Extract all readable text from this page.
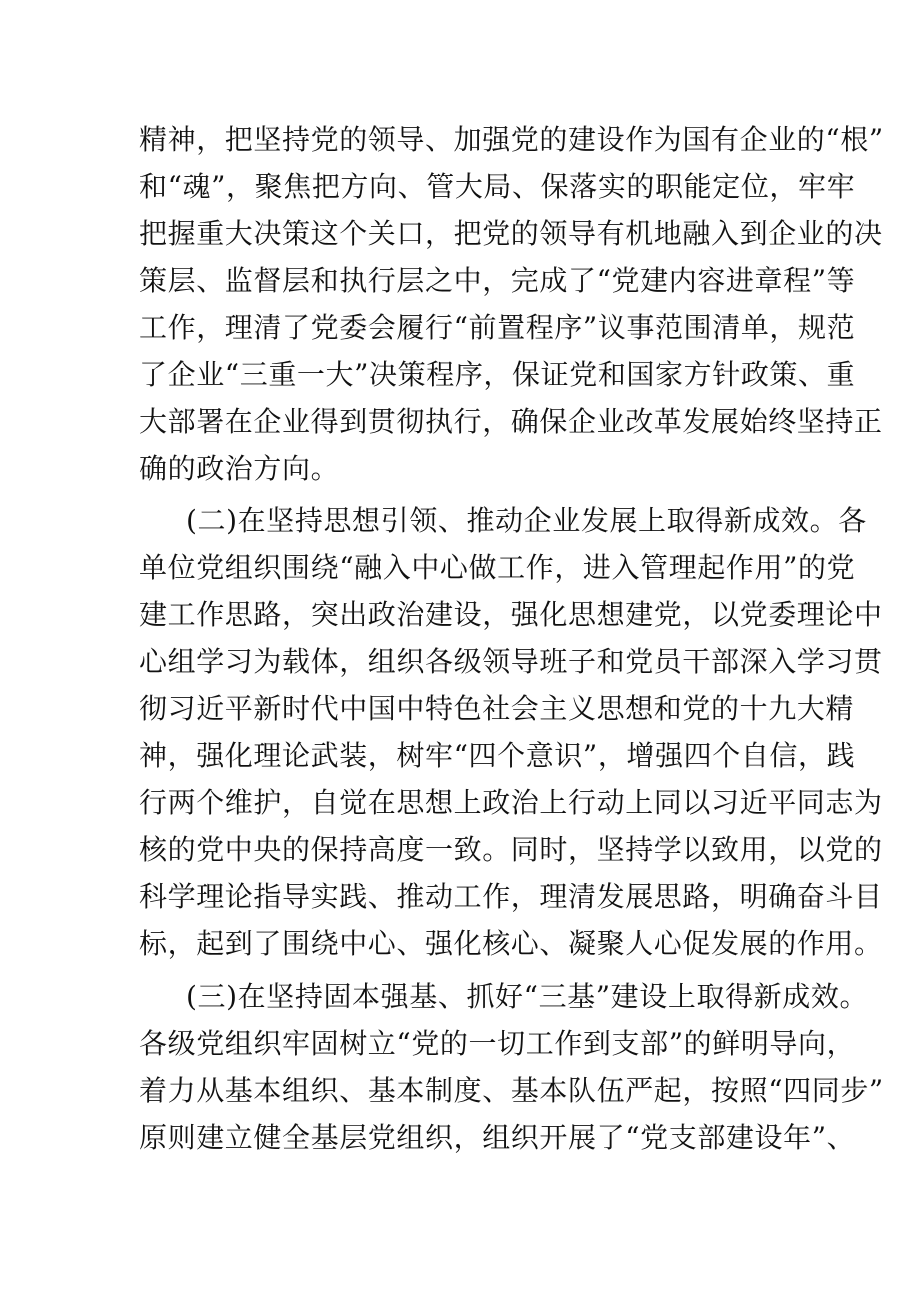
精神，把坚持党的领导、加强党的建设作为国有企业的“根”
和“魂”，聚焦把方向、管大局、保落实的职能定位，牢牢
把握重大决策这个关口，把党的领导有机地融入到企业的决
策层、监督层和执行层之中，完成了“党建内容进章程”等
工作，理清了党委会履行“前置程序”议事范围清单，规范
了企业“三重一大”决策程序，保证党和国家方针政策、重
大部署在企业得到贯彻执行，确保企业改革发展始终坚持正
确的政治方向。
(二)在坚持思想引领、推动企业发展上取得新成效。各
单位党组织围绕“融入中心做工作，进入管理起作用”的党
建工作思路，突出政治建设，强化思想建党，以党委理论中
心组学习为载体，组织各级领导班子和党员干部深入学习贯
彻习近平新时代中国中特色社会主义思想和党的十九大精
神，强化理论武装，树牢“四个意识”，增强四个自信，践
行两个维护，自觉在思想上政治上行动上同以习近平同志为
核的党中央的保持高度一致。同时，坚持学以致用，以党的
科学理论指导实践、推动工作，理清发展思路，明确奋斗目
标，起到了围绕中心、强化核心、凝聚人心促发展的作用。
(三)在坚持固本强基、抓好“三基”建设上取得新成效。
各级党组织牢固树立“党的一切工作到支部”的鲜明导向，
着力从基本组织、基本制度、基本队伍严起，按照“四同步”
原则建立健全基层党组织，组织开展了“党支部建设年”、
